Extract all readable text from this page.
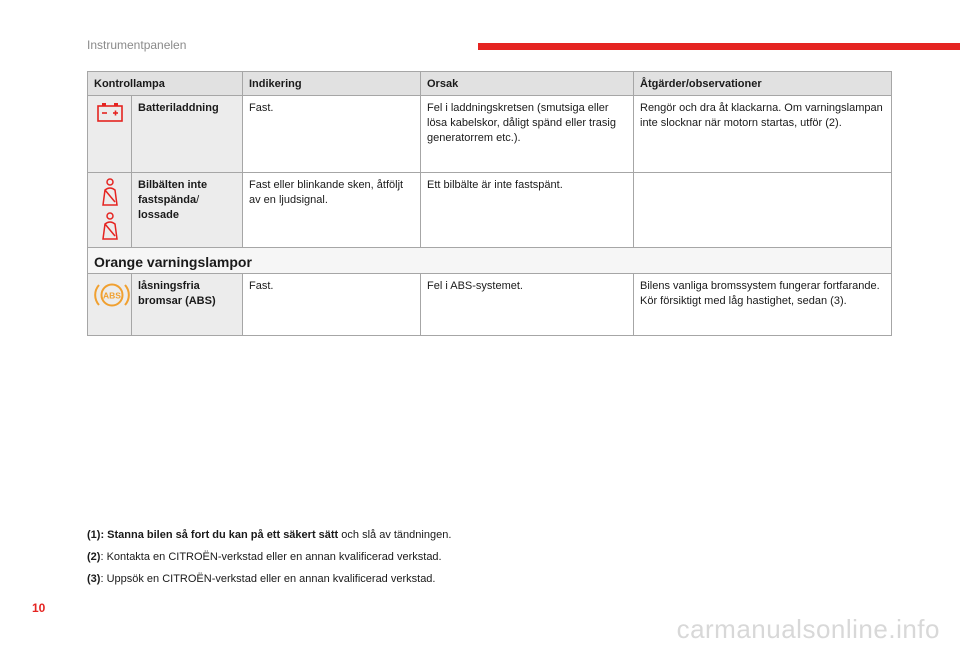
Instrumentpanelen
Kontrollampa		Indikering	Orsak	Åtgärder/observationer

	Batteriladdning	Fast.	Fel i laddningskretsen (smutsiga eller lösa kabelskor, dåligt spänd eller trasig generatorrem etc.).	Rengör och dra åt klackarna. Om varningslampan inte slocknar när motorn startas, utför (2).

	Bilbälten inte
fastspända/
lossade	Fast eller blinkande sken, åtföljt av en ljudsignal.	Ett bilbälte är inte fastspänt.	
Orange varningslampor				

ABS	låsningsfria bromsar (ABS)	Fast.	Fel i ABS-systemet.	Bilens vanliga bromssystem fungerar fortfarande.
Kör försiktigt med låg hastighet, sedan (3).

(1): Stanna bilen så fort du kan på ett säkert sätt och slå av tändningen.

(2): Kontakta en CITROËN-verkstad eller en annan kvalificerad verkstad.

(3): Uppsök en CITROËN-verkstad eller en annan kvalificerad verkstad.

10
carmanualsonline.info
